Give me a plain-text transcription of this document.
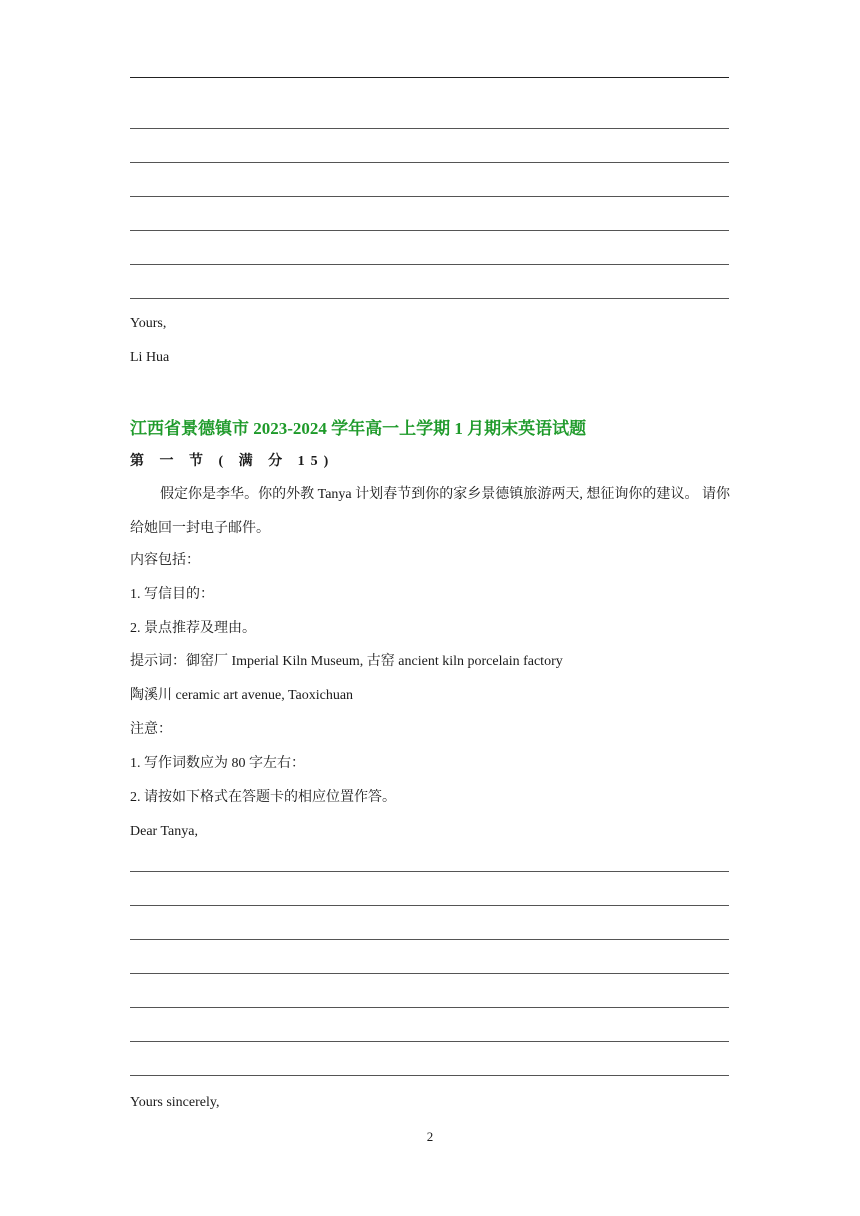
Yours,
Li Hua
江西省景德镇市 2023-2024 学年高一上学期 1 月期末英语试题
第 一 节 ( 满 分 15)
假定你是李华。你的外教 Tanya 计划春节到你的家乡景德镇旅游两天, 想征询你的建议。 请你给她回一封电子邮件。
内容包括：
1. 写信目的：
2. 景点推荐及理由。
提示词：御窑厂 Imperial Kiln Museum, 古窑 ancient kiln porcelain factory
陶溪川 ceramic art avenue, Taoxichuan
注意：
1. 写作词数应为 80 字左右：
2. 请按如下格式在答题卡的相应位置作答。
Dear Tanya,
Yours sincerely,
2
